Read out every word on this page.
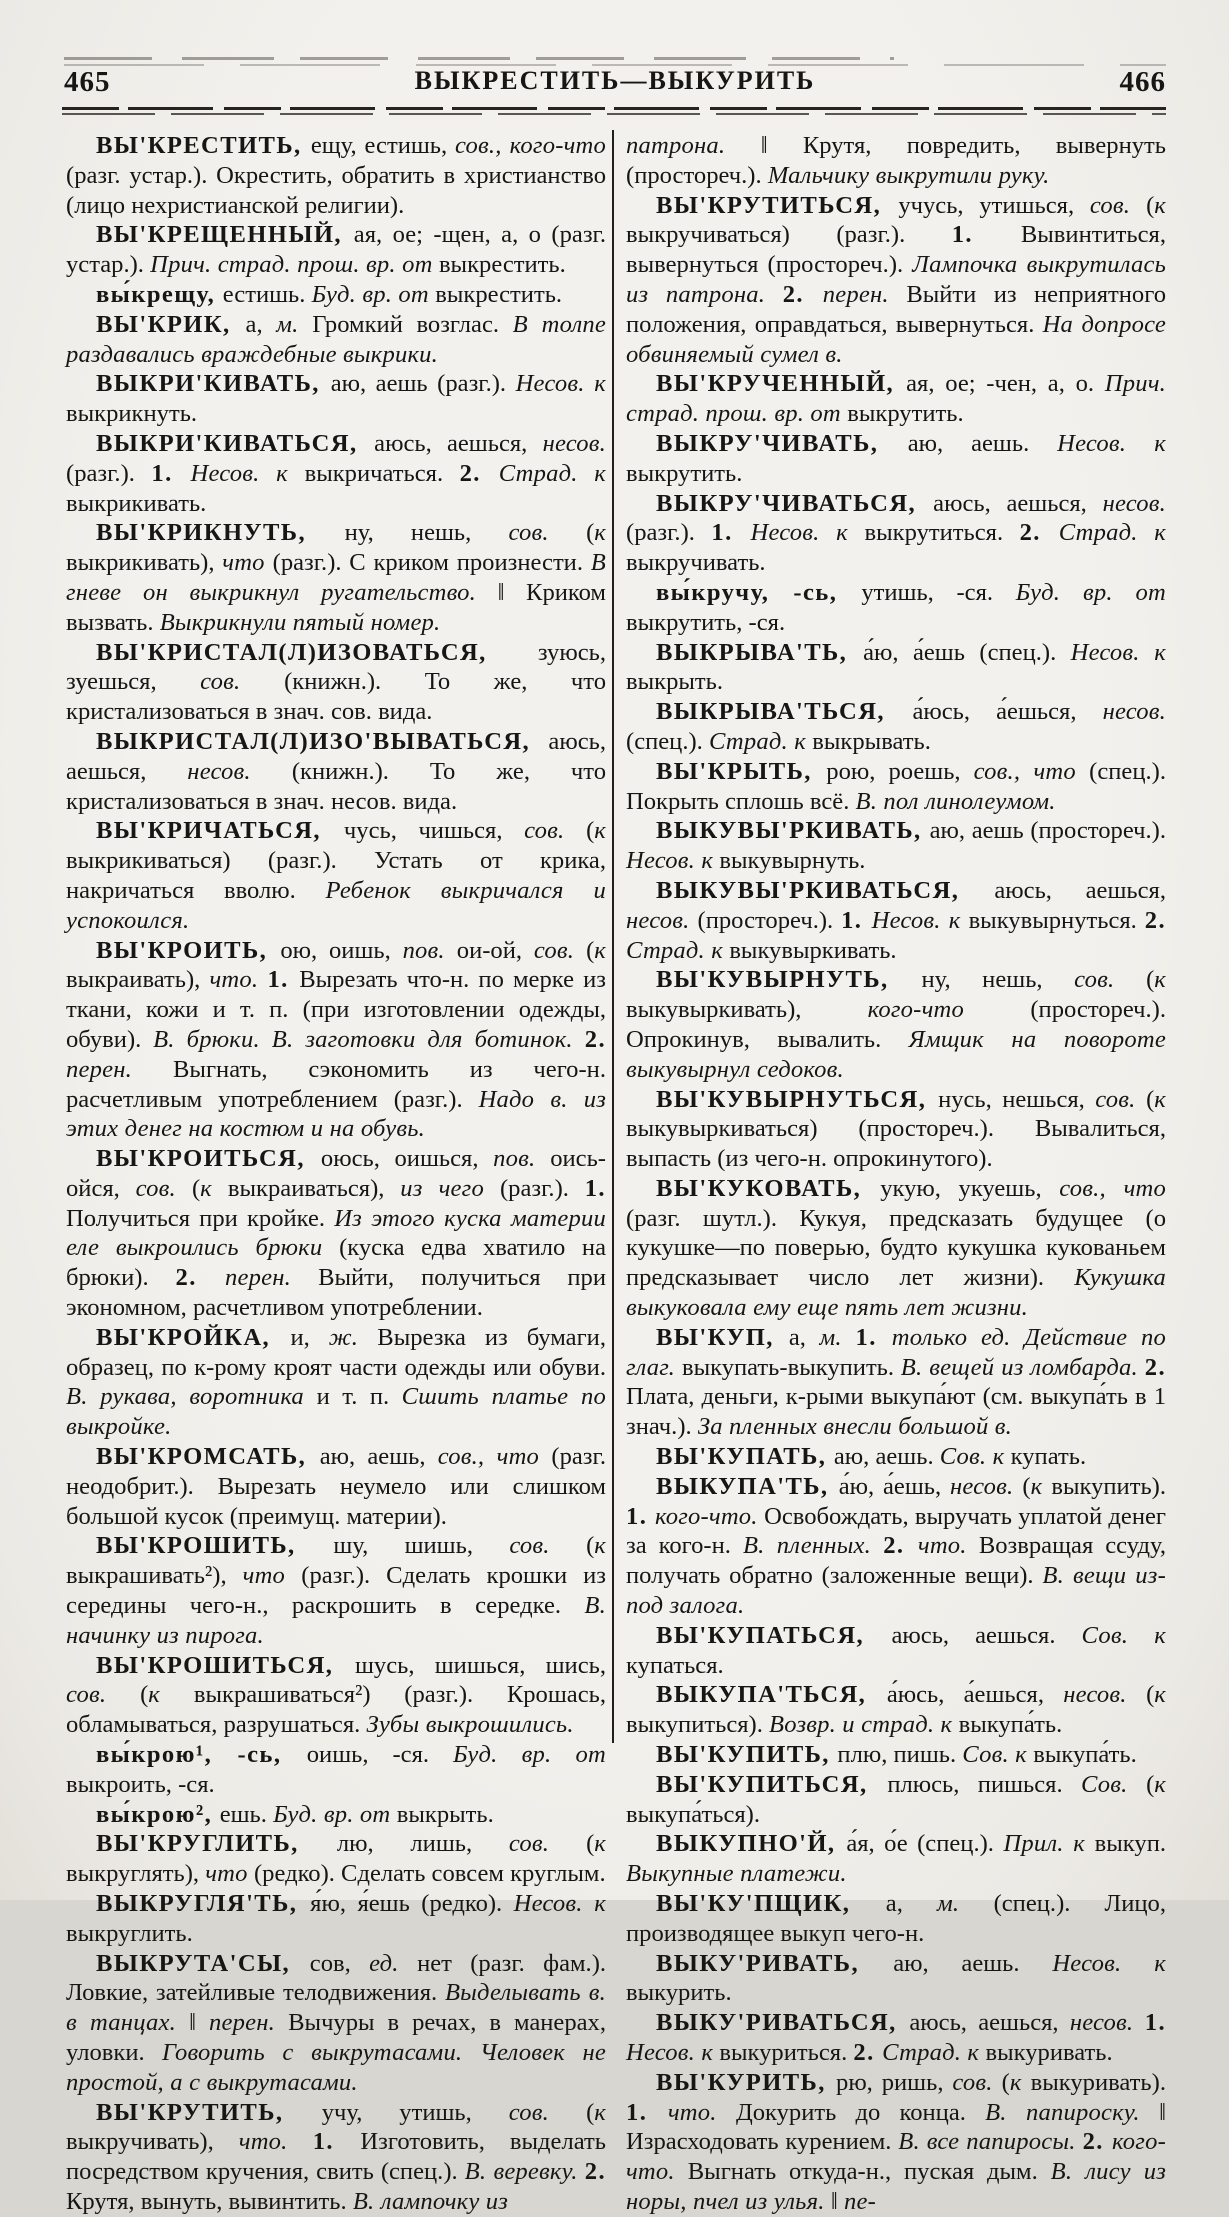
465	ВЫКРЕСТИТЬ—ВЫКУРИТЬ	466

ВЫ'КРЕСТИТЬ, ещу, естишь, сов., кого-что (разг. устар.). Окрестить, обратить в христианство (лицо нехристианской религии).

ВЫ'КРЕЩЕННЫЙ, ая, ое; -щен, а, о (разг. устар.). Прич. страд. прош. вр. от выкрестить.

вы́крещу, естишь. Буд. вр. от выкрестить.

ВЫ'КРИК, а, м. Громкий возглас. В толпе раздавались враждебные выкрики.

ВЫКРИ'КИВАТЬ, аю, аешь (разг.). Несов. к выкрикнуть.

ВЫКРИ'КИВАТЬСЯ, аюсь, аешься, несов. (разг.). 1. Несов. к выкричаться. 2. Страд. к выкрикивать.

ВЫ'КРИКНУТЬ, ну, нешь, сов. (к выкрикивать), что (разг.). С криком произнести. В гневе он выкрикнул ругательство. ‖ Криком вызвать. Выкрикнули пятый номер.

ВЫ'КРИСТАЛ(Л)ИЗОВАТЬСЯ, зуюсь, зуешься, сов. (книжн.). То же, что кристализоваться в знач. сов. вида.

ВЫКРИСТАЛ(Л)ИЗО'ВЫВАТЬСЯ, аюсь, аешься, несов. (книжн.). То же, что кристализоваться в знач. несов. вида.

ВЫ'КРИЧАТЬСЯ, чусь, чишься, сов. (к выкрикиваться) (разг.). Устать от крика, накричаться вволю. Ребенок выкричался и успокоился.

ВЫ'КРОИТЬ, ою, оишь, пов. ои-ой, сов. (к выкраивать), что. 1. Вырезать что-н. по мерке из ткани, кожи и т. п. (при изготовлении одежды, обуви). В. брюки. В. заготовки для ботинок. 2. перен. Выгнать, сэкономить из чего-н. расчетливым употреблением (разг.). Надо в. из этих денег на костюм и на обувь.

ВЫ'КРОИТЬСЯ, оюсь, оишься, пов. оись-ойся, сов. (к выкраиваться), из чего (разг.). 1. Получиться при кройке. Из этого куска материи еле выкроились брюки (куска едва хватило на брюки). 2. перен. Выйти, получиться при экономном, расчетливом употреблении.

ВЫ'КРОЙКА, и, ж. Вырезка из бумаги, образец, по к-рому кроят части одежды или обуви. В. рукава, воротника и т. п. Сшить платье по выкройке.

ВЫ'КРОМСАТЬ, аю, аешь, сов., что (разг. неодобрит.). Вырезать неумело или слишком большой кусок (преимущ. материи).

ВЫ'КРОШИТЬ, шу, шишь, сов. (к выкрашивать²), что (разг.). Сделать крошки из середины чего-н., раскрошить в середке. В. начинку из пирога.

ВЫ'КРОШИТЬСЯ, шусь, шишься, шись, сов. (к выкрашиваться²) (разг.). Крошась, обламываться, разрушаться. Зубы выкрошились.

вы́крою¹, -сь, оишь, -ся. Буд. вр. от выкроить, -ся.

вы́крою², ешь. Буд. вр. от выкрыть.

ВЫ'КРУГЛИТЬ, лю, лишь, сов. (к выкруглять), что (редко). Сделать совсем круглым.

ВЫКРУГЛЯ'ТЬ, я́ю, я́ешь (редко). Несов. к выкруглить.

ВЫКРУТА'СЫ, сов, ед. нет (разг. фам.). Ловкие, затейливые телодвижения. Выделывать в. в танцах. ‖ перен. Вычуры в речах, в манерах, уловки. Говорить с выкрутасами. Человек не простой, а с выкрутасами.

ВЫ'КРУТИТЬ, учу, утишь, сов. (к выкручивать), что. 1. Изготовить, выделать посредством кручения, свить (спец.). В. веревку. 2. Крутя, вынуть, вывинтить. В. лампочку из

патрона. ‖ Крутя, повредить, вывернуть (простореч.). Мальчику выкрутили руку.

ВЫ'КРУТИТЬСЯ, учусь, утишься, сов. (к выкручиваться) (разг.). 1. Вывинтиться, вывернуться (простореч.). Лампочка выкрутилась из патрона. 2. перен. Выйти из неприятного положения, оправдаться, вывернуться. На допросе обвиняемый сумел в.

ВЫ'КРУЧЕННЫЙ, ая, ое; -чен, а, о. Прич. страд. прош. вр. от выкрутить.

ВЫКРУ'ЧИВАТЬ, аю, аешь. Несов. к выкрутить.

ВЫКРУ'ЧИВАТЬСЯ, аюсь, аешься, несов. (разг.). 1. Несов. к выкрутиться. 2. Страд. к выкручивать.

вы́кручу, -сь, утишь, -ся. Буд. вр. от выкрутить, -ся.

ВЫКРЫВА'ТЬ, а́ю, а́ешь (спец.). Несов. к выкрыть.

ВЫКРЫВА'ТЬСЯ, а́юсь, а́ешься, несов. (спец.). Страд. к выкрывать.

ВЫ'КРЫТЬ, рою, роешь, сов., что (спец.). Покрыть сплошь всё. В. пол линолеумом.

ВЫКУВЫ'РКИВАТЬ, аю, аешь (простореч.). Несов. к выкувырнуть.

ВЫКУВЫ'РКИВАТЬСЯ, аюсь, аешься, несов. (простореч.). 1. Несов. к выкувырнуться. 2. Страд. к выкувыркивать.

ВЫ'КУВЫРНУТЬ, ну, нешь, сов. (к выкувыркивать), кого-что (простореч.). Опрокинув, вывалить. Ямщик на повороте выкувырнул седоков.

ВЫ'КУВЫРНУТЬСЯ, нусь, нешься, сов. (к выкувыркиваться) (простореч.). Вывалиться, выпасть (из чего-н. опрокинутого).

ВЫ'КУКОВАТЬ, укую, укуешь, сов., что (разг. шутл.). Кукуя, предсказать будущее (о кукушке—по поверью, будто кукушка кукованьем предсказывает число лет жизни). Кукушка выкуковала ему еще пять лет жизни.

ВЫ'КУП, а, м. 1. только ед. Действие по глаг. выкупать-выкупить. В. вещей из ломбарда. 2. Плата, деньги, к-рыми выкупа́ют (см. выкупа́ть в 1 знач.). За пленных внесли большой в.

ВЫ'КУПАТЬ, аю, аешь. Сов. к купать.

ВЫКУПА'ТЬ, а́ю, а́ешь, несов. (к выкупить). 1. кого-что. Освобождать, выручать уплатой денег за кого-н. В. пленных. 2. что. Возвращая ссуду, получать обратно (заложенные вещи). В. вещи из-под залога.

ВЫ'КУПАТЬСЯ, аюсь, аешься. Сов. к купаться.

ВЫКУПА'ТЬСЯ, а́юсь, а́ешься, несов. (к выкупиться). Возвр. и страд. к выкупа́ть.

ВЫ'КУПИТЬ, плю, пишь. Сов. к выкупа́ть.

ВЫ'КУПИТЬСЯ, плюсь, пишься. Сов. (к выкупа́ться).

ВЫКУПНО'Й, а́я, о́е (спец.). Прил. к выкуп. Выкупные платежи.

ВЫ'КУ'ПЩИК, а, м. (спец.). Лицо, производящее выкуп чего-н.

ВЫКУ'РИВАТЬ, аю, аешь. Несов. к выкурить.

ВЫКУ'РИВАТЬСЯ, аюсь, аешься, несов. 1. Несов. к выкуриться. 2. Страд. к выкуривать.

ВЫ'КУРИТЬ, рю, ришь, сов. (к выкуривать). 1. что. Докурить до конца. В. папироску. ‖ Израсходовать курением. В. все папиросы. 2. кого-что. Выгнать откуда-н., пуская дым. В. лису из норы, пчел из улья. ‖ пе-
